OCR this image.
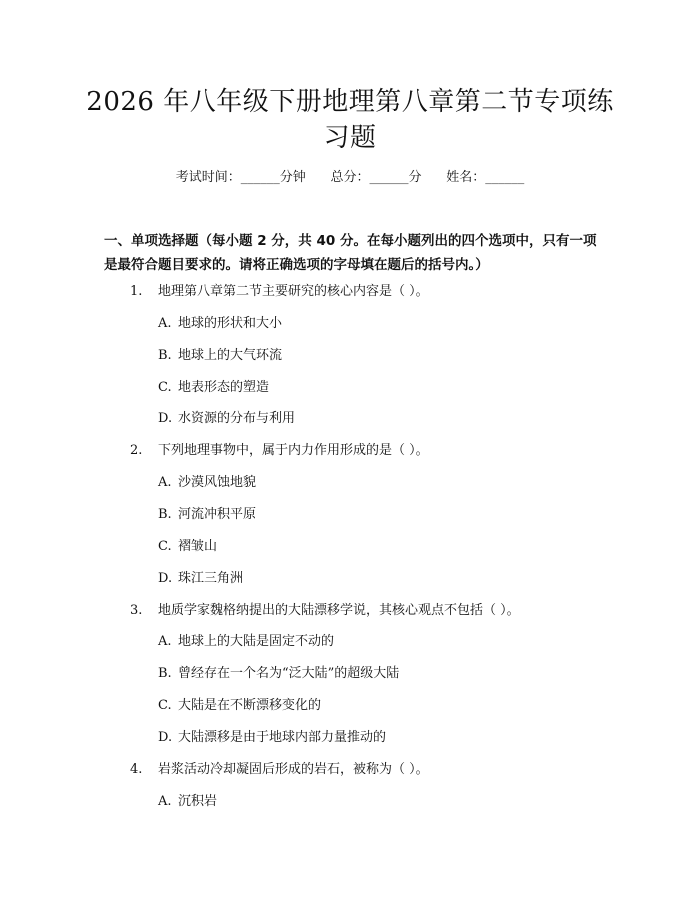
2026 年八年级下册地理第八章第二节专项练
习题
考试时间：______分钟      总分：______分      姓名：______
一、单项选择题（每小题 2 分，共 40 分。在每小题列出的四个选项中，只有一项
是最符合题目要求的。请将正确选项的字母填在题后的括号内。）
1. 地理第八章第二节主要研究的核心内容是（ ）。
A. 地球的形状和大小
B. 地球上的大气环流
C. 地表形态的塑造
D. 水资源的分布与利用
2. 下列地理事物中，属于内力作用形成的是（ ）。
A. 沙漠风蚀地貌
B. 河流冲积平原
C. 褶皱山
D. 珠江三角洲
3. 地质学家魏格纳提出的大陆漂移学说，其核心观点不包括（ ）。
A. 地球上的大陆是固定不动的
B. 曾经存在一个名为“泛大陆”的超级大陆
C. 大陆是在不断漂移变化的
D. 大陆漂移是由于地球内部力量推动的
4. 岩浆活动冷却凝固后形成的岩石，被称为（ ）。
A. 沉积岩
